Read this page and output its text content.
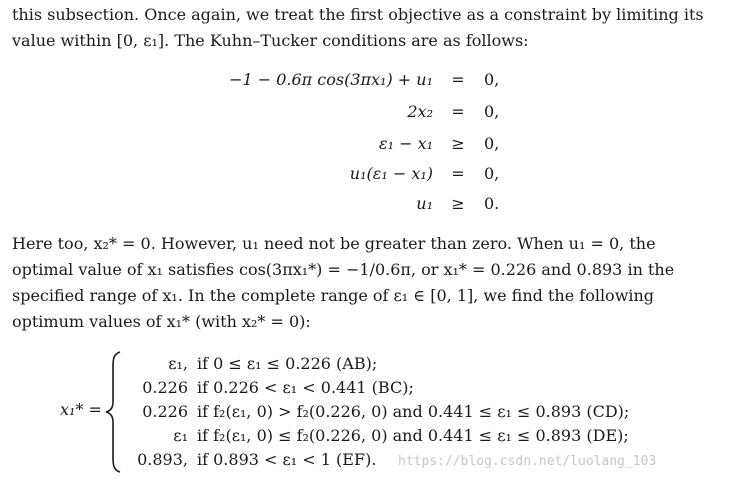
this subsection. Once again, we treat the first objective as a constraint by limiting its
value within [0, ε₁]. The Kuhn–Tucker conditions are as follows:

−1 − 0.6π cos(3πx₁) + u₁	=	0,
2x₂	=	0,
ε₁ − x₁	≥	0,
u₁(ε₁ − x₁)	=	0,
u₁	≥	0.

Here too, x₂* = 0. However, u₁ need not be greater than zero. When u₁ = 0, the
optimal value of x₁ satisfies cos(3πx₁*) = −1/0.6π, or x₁* = 0.226 and 0.893 in the
specified range of x₁. In the complete range of ε₁ ∈ [0, 1], we find the following
optimum values of x₁* (with x₂* = 0):

x₁* =
ε₁, if 0 ≤ ε₁ ≤ 0.226 (AB);
0.226 if 0.226 < ε₁ < 0.441 (BC);
0.226 if f₂(ε₁, 0) > f₂(0.226, 0) and 0.441 ≤ ε₁ ≤ 0.893 (CD);
ε₁ if f₂(ε₁, 0) ≤ f₂(0.226, 0) and 0.441 ≤ ε₁ ≤ 0.893 (DE);
0.893, if 0.893 < ε₁ < 1 (EF). https://blog.csdn.net/luolang_103
